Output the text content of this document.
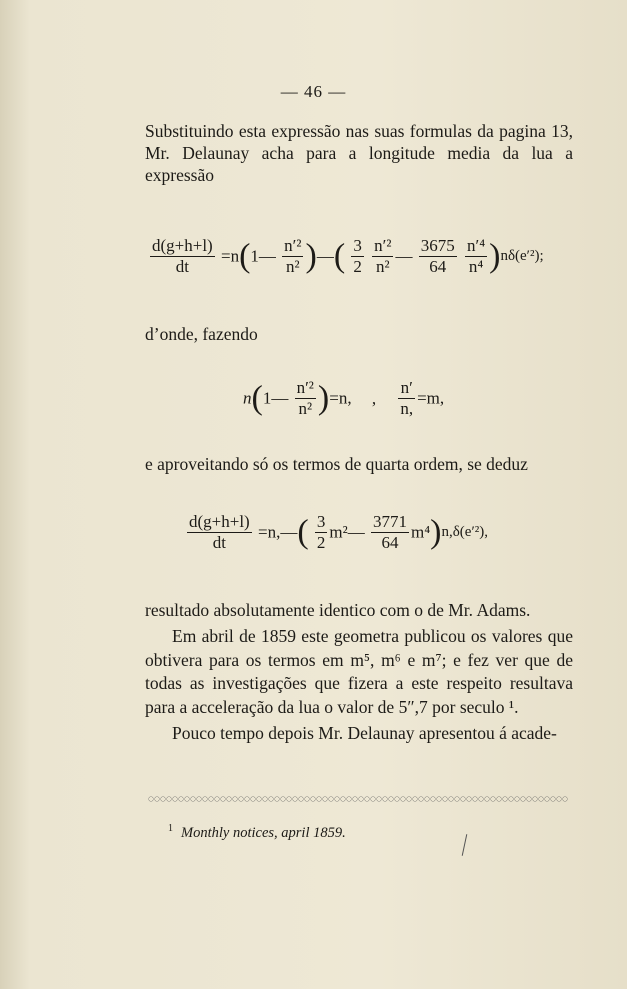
— 46 —

Substituindo esta expressão nas suas formulas da pagina 13, Mr. Delaunay acha para a longitude media da lua a expressão

$\frac{d(g+h+l)}{dt}$ =n(1— $\frac{\text{n′²}}{\text{n²}}$ )—( $\frac{3}{2}$
$\frac{\text{n′²}}{\text{n²}}$ — $\frac{3675}{64}$
$\frac{\text{n′⁴}}{\text{n⁴}} )n\delta(e'^2)$;

d’onde, fazendo

n(1— $\frac{\text{n′²}}{\text{n²}} )=n$, , $\frac{n'}{n,} =m$,

e aproveitando só os termos de quarta ordem, se deduz

$\frac{d(g+h+l)}{dt}$ =n,—( $\frac{3}{2}$ m²— $\frac{3771}{64} m^4)n,\delta(e'^2)$,

resultado absolutamente identico com o de Mr. Adams.

Em abril de 1859 este geometra publicou os valores que obtivera para os termos em m⁵, m⁶ e m⁷; e fez ver que de todas as investigações que fizera a este respeito resultava para a acceleração da lua o valor de 5″,7 por seculo ¹.

Pouco tempo depois Mr. Delaunay apresentou á acade-

$^1$ Monthly notices, april 1859.
